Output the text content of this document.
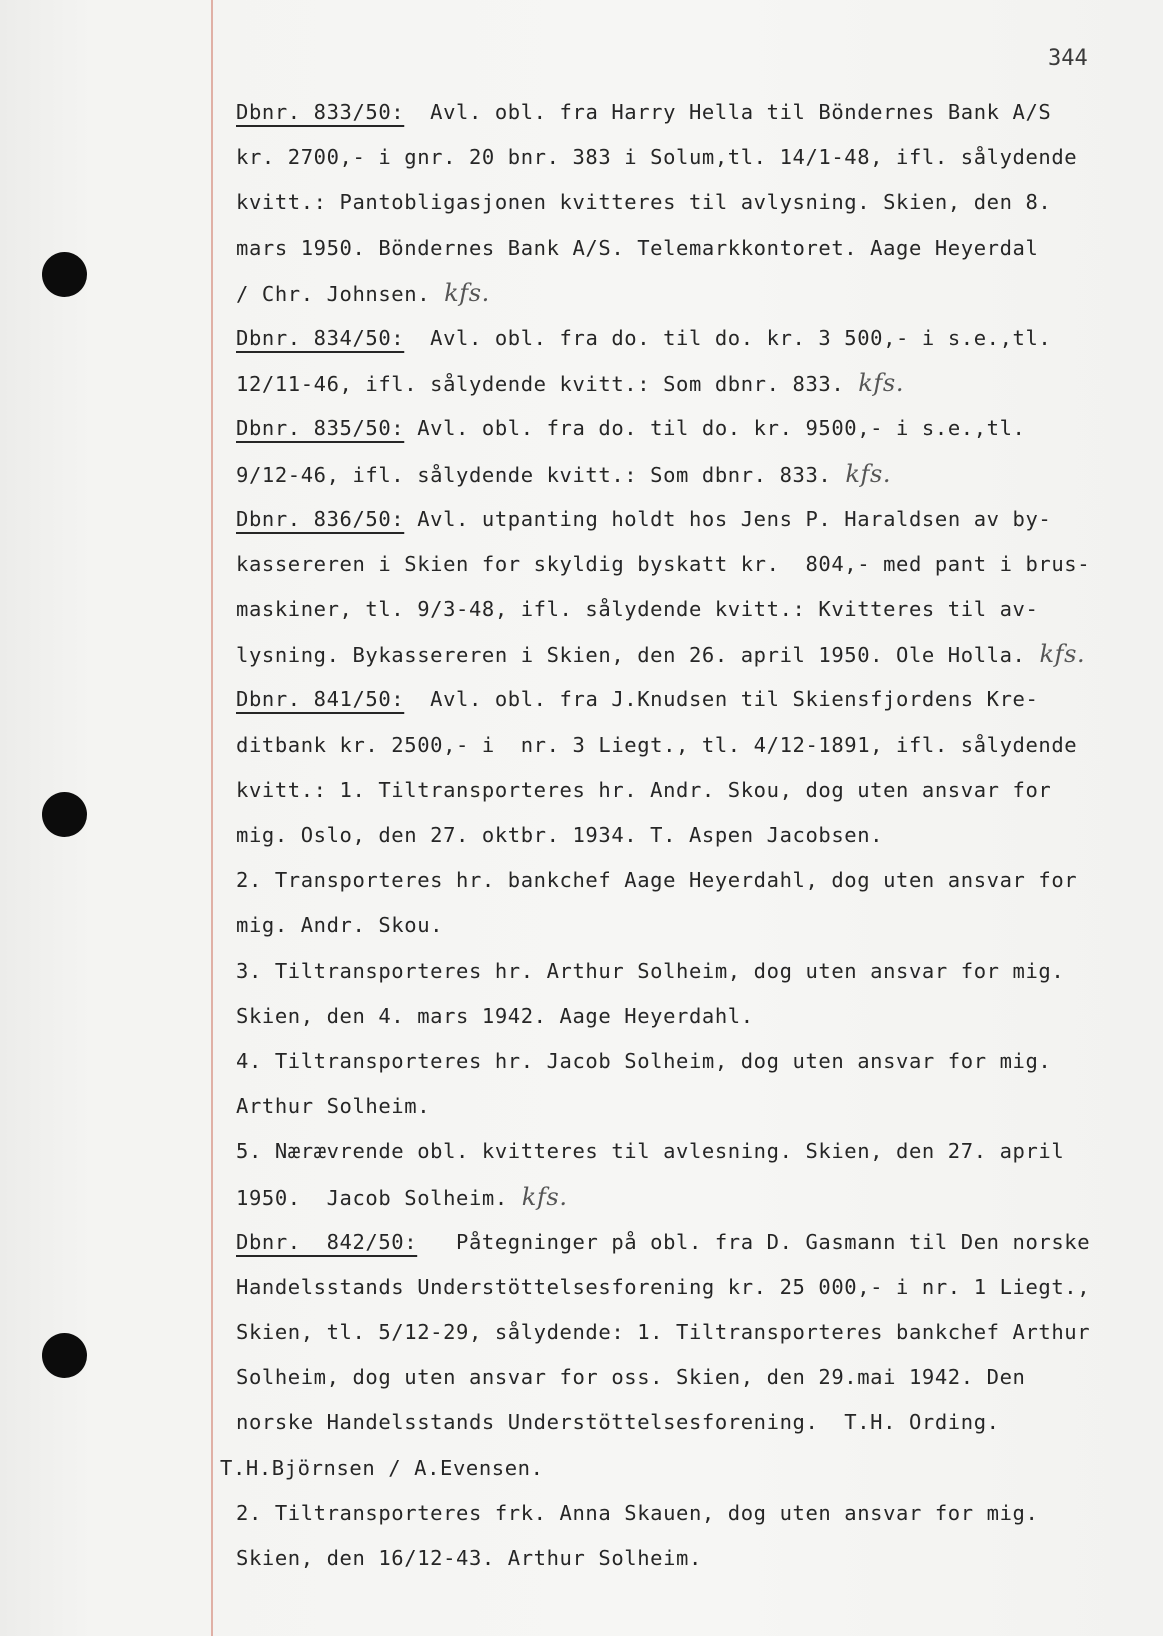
344
Dbnr. 833/50:  Avl. obl. fra Harry Hella til Böndernes Bank A/S
kr. 2700,- i gnr. 20 bnr. 383 i Solum,tl. 14/1-48, ifl. sålydende
kvitt.: Pantobligasjonen kvitteres til avlysning. Skien, den 8.
mars 1950. Böndernes Bank A/S. Telemarkkontoret. Aage Heyerdal
/ Chr. Johnsen. kfs.
Dbnr. 834/50:  Avl. obl. fra do. til do. kr. 3 500,- i s.e.,tl.
12/11-46, ifl. sålydende kvitt.: Som dbnr. 833. kfs.
Dbnr. 835/50: Avl. obl. fra do. til do. kr. 9500,- i s.e.,tl.
9/12-46, ifl. sålydende kvitt.: Som dbnr. 833. kfs.
Dbnr. 836/50: Avl. utpanting holdt hos Jens P. Haraldsen av by-
kassereren i Skien for skyldig byskatt kr.  804,- med pant i brus-
maskiner, tl. 9/3-48, ifl. sålydende kvitt.: Kvitteres til av-
lysning. Bykassereren i Skien, den 26. april 1950. Ole Holla. kfs.
Dbnr. 841/50:  Avl. obl. fra J.Knudsen til Skiensfjordens Kre-
ditbank kr. 2500,- i  nr. 3 Liegt., tl. 4/12-1891, ifl. sålydende
kvitt.: 1. Tiltransporteres hr. Andr. Skou, dog uten ansvar for
mig. Oslo, den 27. oktbr. 1934. T. Aspen Jacobsen.
2. Transporteres hr. bankchef Aage Heyerdahl, dog uten ansvar for
mig. Andr. Skou.
3. Tiltransporteres hr. Arthur Solheim, dog uten ansvar for mig.
Skien, den 4. mars 1942. Aage Heyerdahl.
4. Tiltransporteres hr. Jacob Solheim, dog uten ansvar for mig.
Arthur Solheim.
5. Nærævrende obl. kvitteres til avlesning. Skien, den 27. april
1950.  Jacob Solheim. kfs.
Dbnr.  842/50:   Påtegninger på obl. fra D. Gasmann til Den norske
Handelsstands Understöttelsesforening kr. 25 000,- i nr. 1 Liegt.,
Skien, tl. 5/12-29, sålydende: 1. Tiltransporteres bankchef Arthur
Solheim, dog uten ansvar for oss. Skien, den 29.mai 1942. Den
norske Handelsstands Understöttelsesforening.  T.H. Ording.
T.H.Björnsen / A.Evensen.
2. Tiltransporteres frk. Anna Skauen, dog uten ansvar for mig.
Skien, den 16/12-43. Arthur Solheim.
